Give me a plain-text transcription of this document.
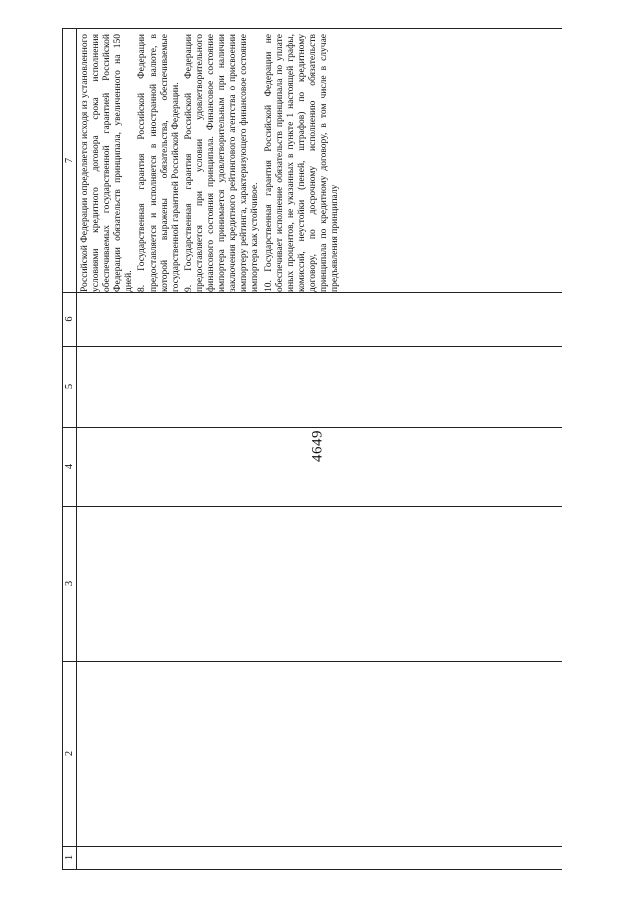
4649
1
2
3
4
5
6
7 Российской Федерации определяется исходя из установленного условиями кредитного договора срока исполнения обеспечиваемых государственной гарантией Российской Федерации обязательств принципала, увеличенного на 150 дней. 8. Государственная гарантия Российской Федерации предоставляется и исполняется в иностранной валюте, в которой выражены обязательства, обеспечиваемые государственной гарантией Российской Федерации. 9. Государственная гарантия Российской Федерации предоставляется при условии удовлетворительного финансового состояния принципала. Финансовое состояние импортера принимается удовлетворительным при наличии заключения кредитного рейтингового агентства о присвоении импортеру рейтинга, характеризующего финансовое состояние импортера как устойчивое. 10. Государственная гарантия Российской Федерации не обеспечивает исполнение обязательств принципала по уплате иных процентов, не указанных в пункте 1 настоящей графы, комиссий, неустойки (пеней, штрафов) по кредитному договору, по досрочному исполнению обязательств принципала по кредитному договору, в том числе в случае предъявления принципалу
